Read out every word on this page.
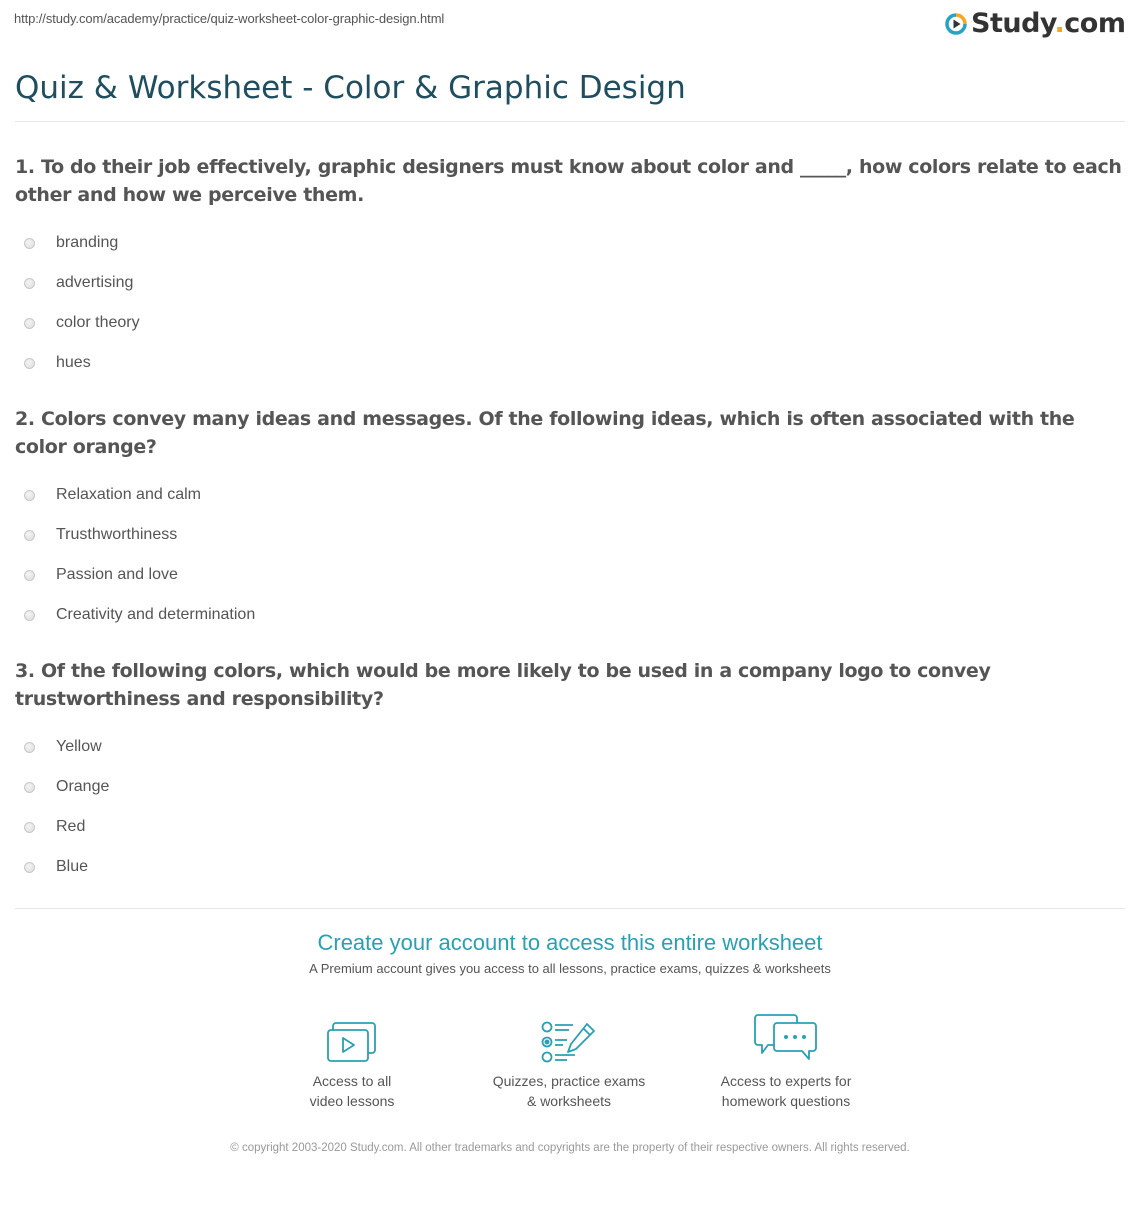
http://study.com/academy/practice/quiz-worksheet-color-graphic-design.html	Study.com
Quiz & Worksheet - Color & Graphic Design
1. To do their job effectively, graphic designers must know about color and _____, how colors relate to each other and how we perceive them.
branding
advertising
color theory
hues
2. Colors convey many ideas and messages. Of the following ideas, which is often associated with the color orange?
Relaxation and calm
Trusthworthiness
Passion and love
Creativity and determination
3. Of the following colors, which would be more likely to be used in a company logo to convey trustworthiness and responsibility?
Yellow
Orange
Red
Blue
Create your account to access this entire worksheet
A Premium account gives you access to all lessons, practice exams, quizzes & worksheets
Access to all
video lessons
Quizzes, practice exams
& worksheets
Access to experts for
homework questions
© copyright 2003-2020 Study.com. All other trademarks and copyrights are the property of their respective owners. All rights reserved.
